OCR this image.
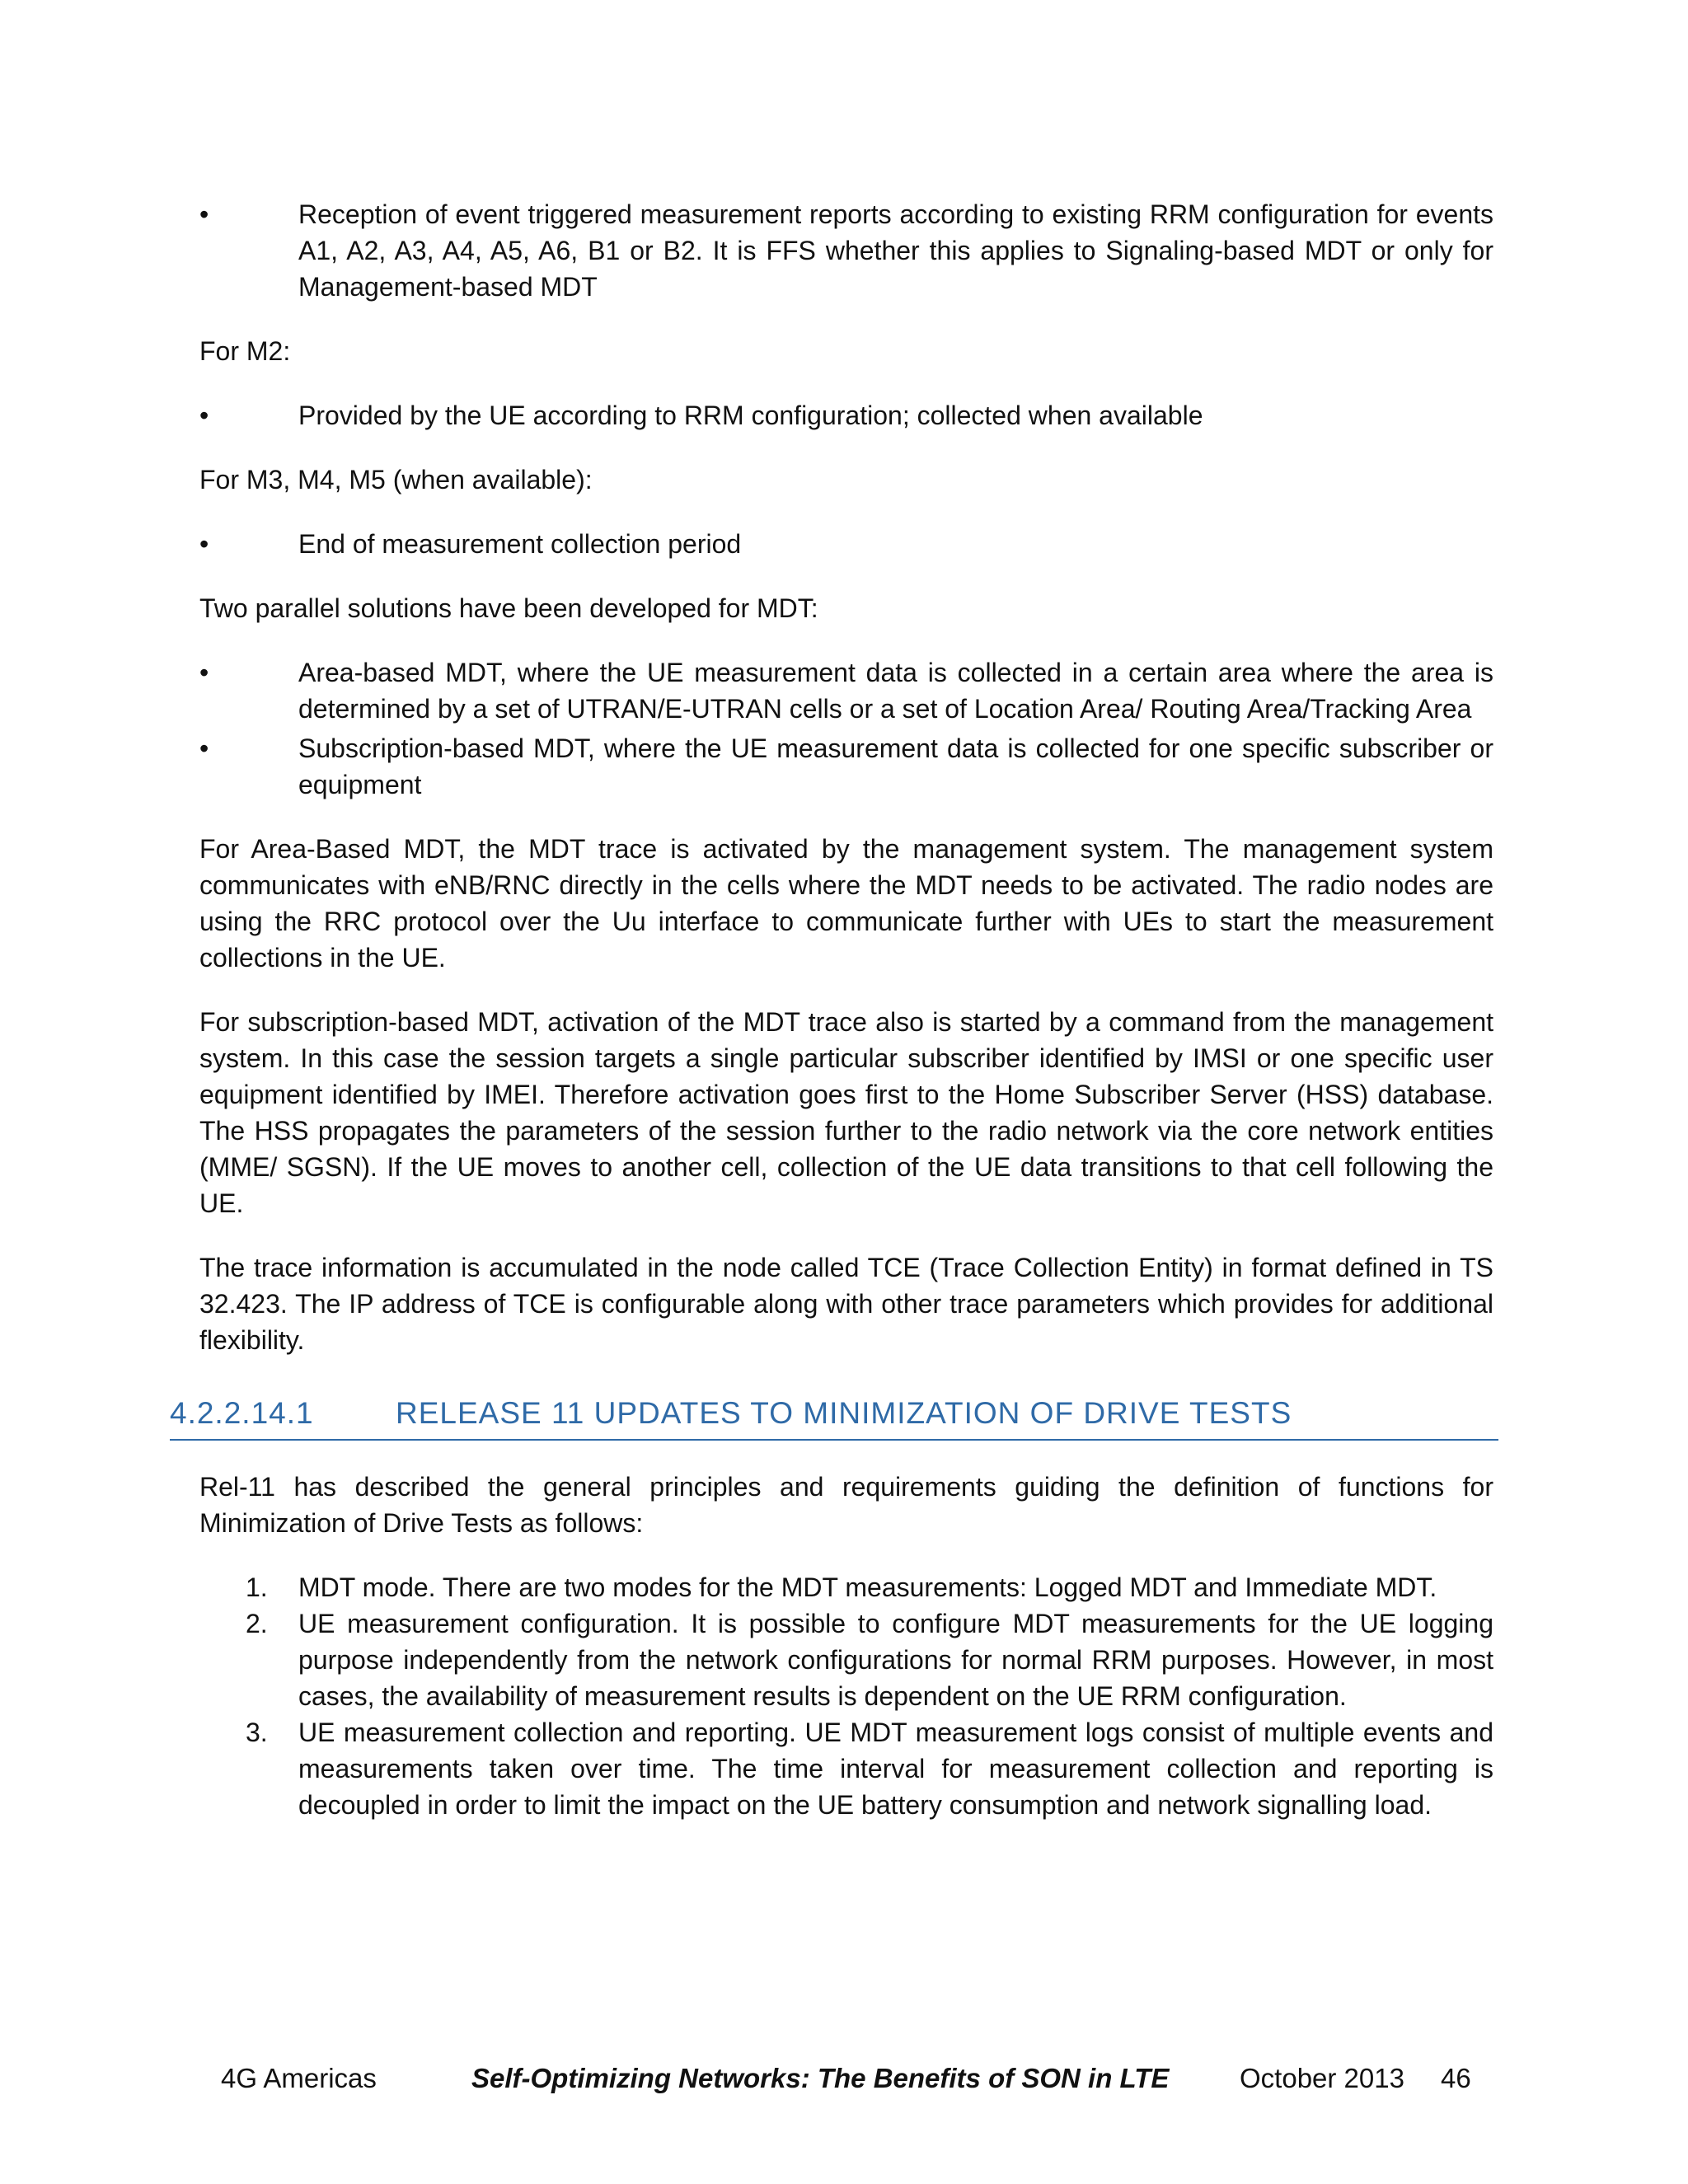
•	Reception of event triggered measurement reports according to existing RRM configuration for events A1, A2, A3, A4, A5, A6, B1 or B2. It is FFS whether this applies to Signaling-based MDT or only for Management-based MDT

For M2:

•	Provided by the UE according to RRM configuration; collected when available

For M3, M4, M5 (when available):

•	End of measurement collection period

Two parallel solutions have been developed for MDT:

•	Area-based MDT, where the UE measurement data is collected in a certain area where the area is determined by a set of UTRAN/E-UTRAN cells or a set of Location Area/ Routing Area/Tracking Area
•	Subscription-based MDT, where the UE measurement data is collected for one specific subscriber or equipment

For Area-Based MDT, the MDT trace is activated by the management system. The management system communicates with eNB/RNC directly in the cells where the MDT needs to be activated. The radio nodes are using the RRC protocol over the Uu interface to communicate further with UEs to start the measurement collections in the UE.

For subscription-based MDT, activation of the MDT trace also is started by a command from the management system. In this case the session targets a single particular subscriber identified by IMSI or one specific user equipment identified by IMEI. Therefore activation goes first to the Home Subscriber Server (HSS) database. The HSS propagates the parameters of the session further to the radio network via the core network entities (MME/ SGSN). If the UE moves to another cell, collection of the UE data transitions to that cell following the UE.

The trace information is accumulated in the node called TCE (Trace Collection Entity) in format defined in TS 32.423. The IP address of TCE is configurable along with other trace parameters which provides for additional flexibility.

4.2.2.14.1	RELEASE 11 UPDATES TO MINIMIZATION OF DRIVE TESTS

Rel-11 has described the general principles and requirements guiding the definition of functions for Minimization of Drive Tests as follows:

1. MDT mode. There are two modes for the MDT measurements: Logged MDT and Immediate MDT.
2. UE measurement configuration. It is possible to configure MDT measurements for the UE logging purpose independently from the network configurations for normal RRM purposes. However, in most cases, the availability of measurement results is dependent on the UE RRM configuration.
3. UE measurement collection and reporting. UE MDT measurement logs consist of multiple events and measurements taken over time. The time interval for measurement collection and reporting is decoupled in order to limit the impact on the UE battery consumption and network signalling load.
4G Americas	Self-Optimizing Networks: The Benefits of SON in LTE	October 2013 46
